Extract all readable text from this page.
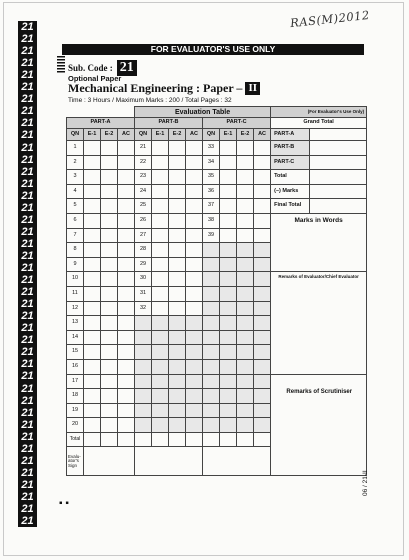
21
21
21
21
21
21
21
21
21
21
21
21
21
21
21
21
21
21
21
21
21
21
21
21
21
21
21
21
21
21
21
21
21
21
21
21
21
21
21
21
21
21
RAS(M)2012
FOR EVALUATOR'S USE ONLY
Sub. Code : 21
Optional Paper
Mechanical Engineering : Paper – II
Time : 3 Hours / Maximum Marks : 200 / Total Pages : 32
				Evaluation Table								(For Evaluator's Use Only)	
PART-A				PART-B				PART-C				Grand Total	
QN	E-1	E-2	AC	QN	E-1	E-2	AC	QN	E-1	E-2	AC	PART-A	
1				21				33				PART-B	
2				22				34				PART-C	
3				23				35				Total	
4				24				36				(–) Marks	
5				25				37				Final Total	
6				26				38				Marks in Words	
7				27				39					
8				28									
9				29									
10				30								Remarks of Evaluator/Chief Evaluator	
11				31									
12				32									
13													
14													
15													
16													
17												Remarks of Scrutiniser	
18													
19													
20													
Total													
Evalu-ator's Sign													
06 / 21-II
▪ ▪
